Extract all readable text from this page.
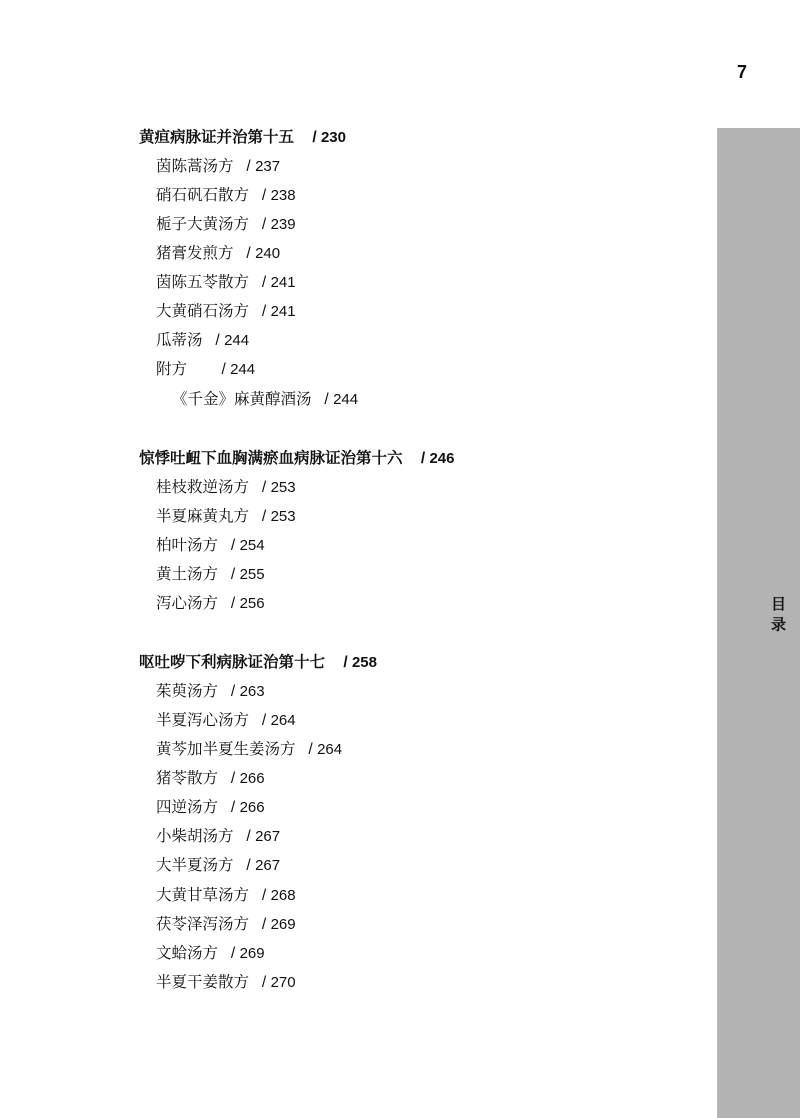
7
目 录
黄疸病脉证并治第十五    / 230
茵陈蒿汤方   / 237
硝石矾石散方   / 238
栀子大黄汤方   / 239
猪膏发煎方   / 240
茵陈五苓散方   / 241
大黄硝石汤方   / 241
瓜蒂汤   / 244
附方        / 244
《千金》麻黄醇酒汤   / 244
惊悸吐衄下血胸满瘀血病脉证治第十六    / 246
桂枝救逆汤方   / 253
半夏麻黄丸方   / 253
柏叶汤方   / 254
黄土汤方   / 255
泻心汤方   / 256
呕吐哕下利病脉证治第十七    / 258
茱萸汤方   / 263
半夏泻心汤方   / 264
黄芩加半夏生姜汤方   / 264
猪苓散方   / 266
四逆汤方   / 266
小柴胡汤方   / 267
大半夏汤方   / 267
大黄甘草汤方   / 268
茯苓泽泻汤方   / 269
文蛤汤方   / 269
半夏干姜散方   / 270
